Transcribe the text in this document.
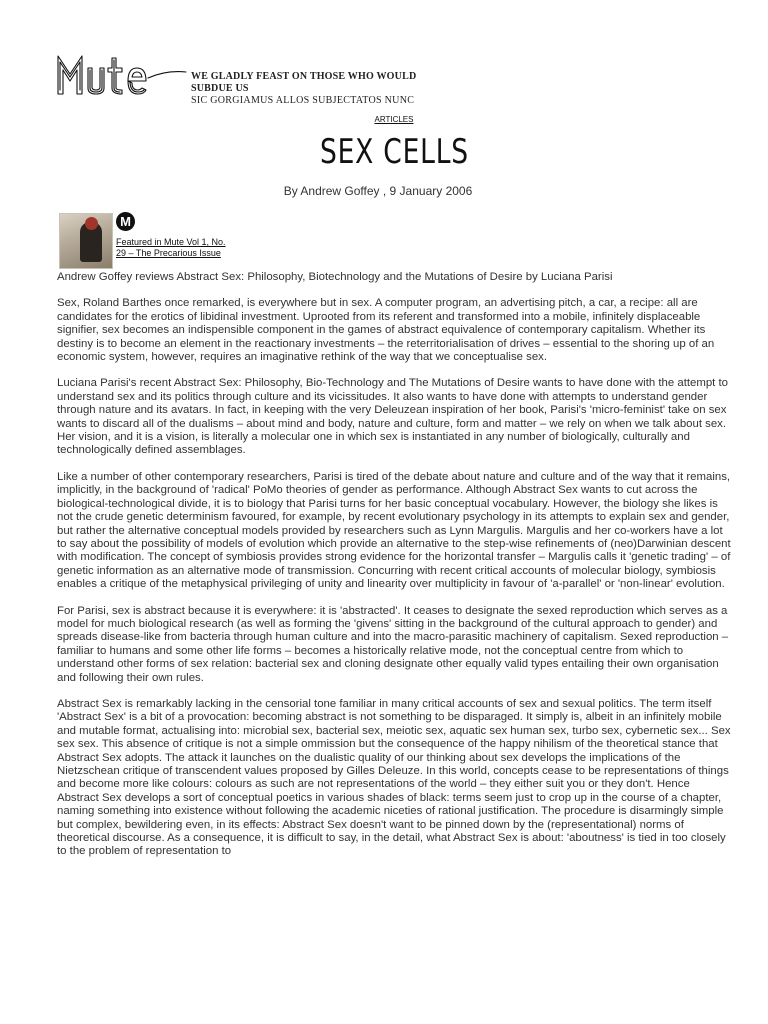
WE GLADLY FEAST ON THOSE WHO WOULD SUBDUE US
SIC GORGIAMUS ALLOS SUBJECTATOS NUNC
ARTICLES
SEX CELLS
By Andrew Goffey , 9 January 2006
M
Featured in Mute Vol 1, No. 29 – The Precarious Issue

Andrew Goffey reviews Abstract Sex: Philosophy, Biotechnology and the Mutations of Desire by Luciana Parisi

Sex, Roland Barthes once remarked, is everywhere but in sex. A computer program, an advertising pitch, a car, a recipe: all are candidates for the erotics of libidinal investment. Uprooted from its referent and transformed into a mobile, infinitely displaceable signifier, sex becomes an indispensible component in the games of abstract equivalence of contemporary capitalism. Whether its destiny is to become an element in the reactionary investments – the reterritorialisation of drives – essential to the shoring up of an economic system, however, requires an imaginative rethink of the way that we conceptualise sex.

Luciana Parisi's recent Abstract Sex: Philosophy, Bio-Technology and The Mutations of Desire wants to have done with the attempt to understand sex and its politics through culture and its vicissitudes. It also wants to have done with attempts to understand gender through nature and its avatars. In fact, in keeping with the very Deleuzean inspiration of her book, Parisi's 'micro-feminist' take on sex wants to discard all of the dualisms – about mind and body, nature and culture, form and matter – we rely on when we talk about sex. Her vision, and it is a vision, is literally a molecular one in which sex is instantiated in any number of biologically, culturally and technologically defined assemblages.

Like a number of other contemporary researchers, Parisi is tired of the debate about nature and culture and of the way that it remains, implicitly, in the background of 'radical' PoMo theories of gender as performance. Although Abstract Sex wants to cut across the biological-technological divide, it is to biology that Parisi turns for her basic conceptual vocabulary. However, the biology she likes is not the crude genetic determinism favoured, for example, by recent evolutionary psychology in its attempts to explain sex and gender, but rather the alternative conceptual models provided by researchers such as Lynn Margulis. Margulis and her co-workers have a lot to say about the possibility of models of evolution which provide an alternative to the step-wise refinements of (neo)Darwinian descent with modification. The concept of symbiosis provides strong evidence for the horizontal transfer – Margulis calls it 'genetic trading' – of genetic information as an alternative mode of transmission. Concurring with recent critical accounts of molecular biology, symbiosis enables a critique of the metaphysical privileging of unity and linearity over multiplicity in favour of 'a-parallel' or 'non-linear' evolution.

For Parisi, sex is abstract because it is everywhere: it is 'abstracted'. It ceases to designate the sexed reproduction which serves as a model for much biological research (as well as forming the 'givens' sitting in the background of the cultural approach to gender) and spreads disease-like from bacteria through human culture and into the macro-parasitic machinery of capitalism. Sexed reproduction – familiar to humans and some other life forms – becomes a historically relative mode, not the conceptual centre from which to understand other forms of sex relation: bacterial sex and cloning designate other equally valid types entailing their own organisation and following their own rules.

Abstract Sex is remarkably lacking in the censorial tone familiar in many critical accounts of sex and sexual politics. The term itself 'Abstract Sex' is a bit of a provocation: becoming abstract is not something to be disparaged. It simply is, albeit in an infinitely mobile and mutable format, actualising into: microbial sex, bacterial sex, meiotic sex, aquatic sex human sex, turbo sex, cybernetic sex... Sex sex sex. This absence of critique is not a simple ommission but the consequence of the happy nihilism of the theoretical stance that Abstract Sex adopts. The attack it launches on the dualistic quality of our thinking about sex develops the implications of the Nietzschean critique of transcendent values proposed by Gilles Deleuze. In this world, concepts cease to be representations of things and become more like colours: colours as such are not representations of the world – they either suit you or they don't. Hence Abstract Sex develops a sort of conceptual poetics in various shades of black: terms seem just to crop up in the course of a chapter, naming something into existence without following the academic niceties of rational justification. The procedure is disarmingly simple but complex, bewildering even, in its effects: Abstract Sex doesn't want to be pinned down by the (representational) norms of theoretical discourse. As a consequence, it is difficult to say, in the detail, what Abstract Sex is about: 'aboutness' is tied in too closely to the problem of representation to
